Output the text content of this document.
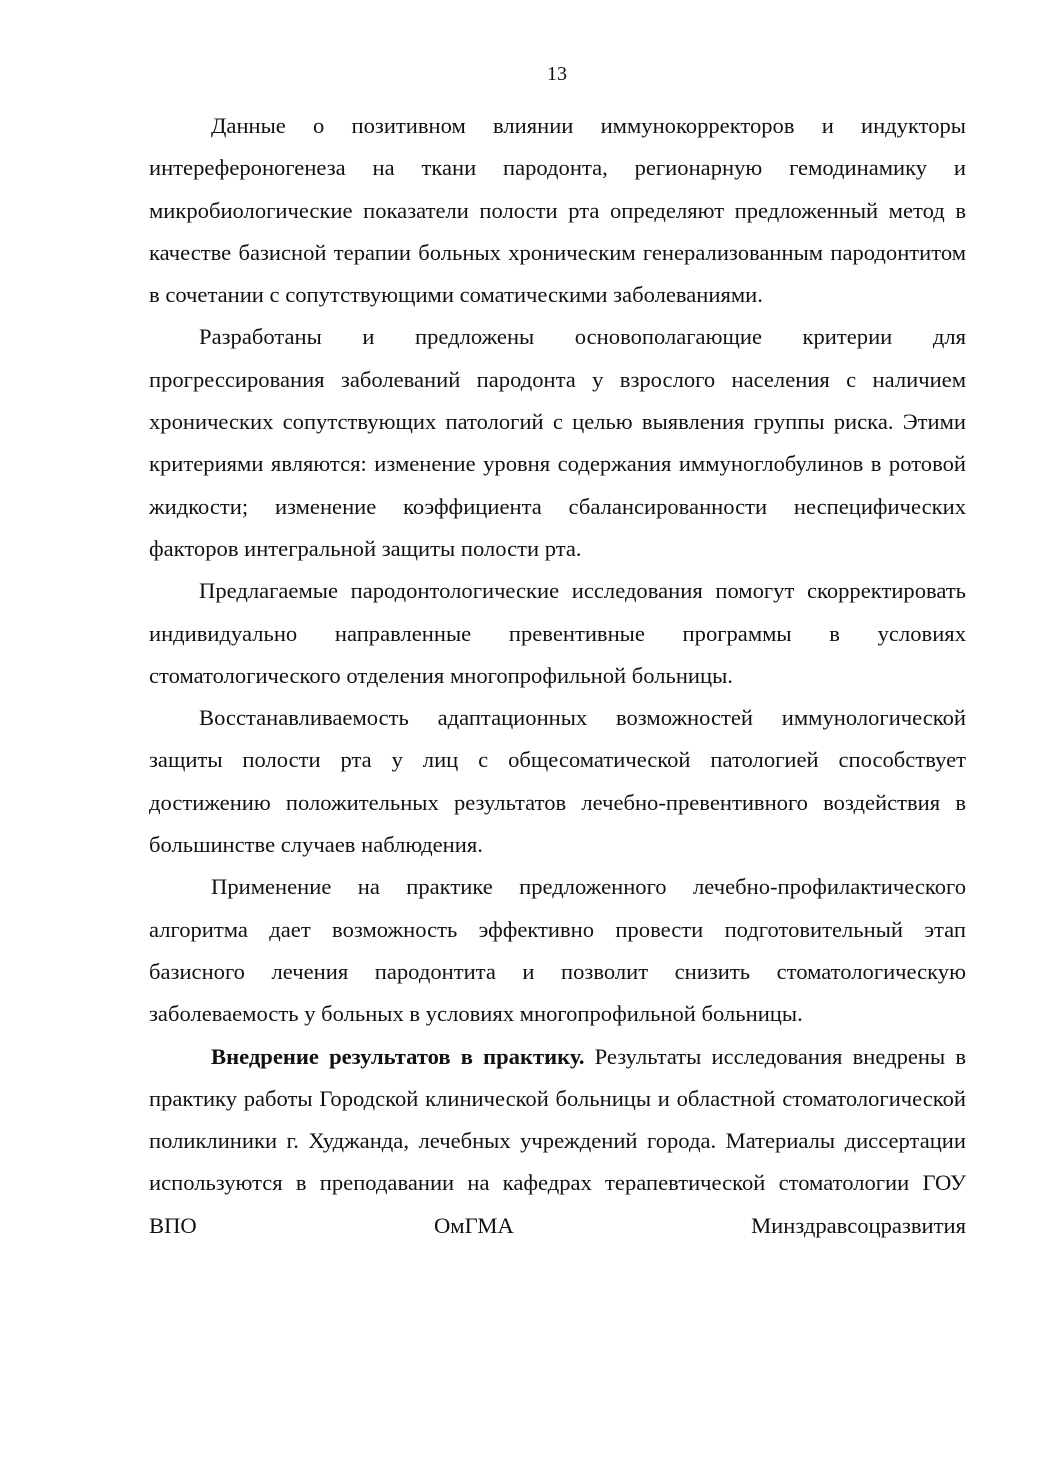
13

Данные о позитивном влиянии иммунокорректоров и индукторы интерефероногенеза на ткани пародонта, регионарную гемодинамику и микробиологические показатели полости рта определяют предложенный метод в качестве базисной терапии больных хроническим генерализованным пародонтитом в сочетании с сопутствующими соматическими заболеваниями.

Разработаны и предложены основополагающие критерии для прогрессирования заболеваний пародонта у взрослого населения с наличием хронических сопутствующих патологий с целью выявления группы риска. Этими критериями являются: изменение уровня содержания иммуноглобулинов в ротовой жидкости; изменение коэффициента сбалансированности неспецифических факторов интегральной защиты полости рта.

Предлагаемые пародонтологические исследования помогут скорректировать индивидуально направленные превентивные программы в условиях стоматологического отделения многопрофильной больницы.

Восстанавливаемость адаптационных возможностей иммунологической защиты полости рта у лиц с общесоматической патологией способствует достижению положительных результатов лечебно-превентивного воздействия в большинстве случаев наблюдения.

Применение на практике предложенного лечебно-профилактического алгоритма дает возможность эффективно провести подготовительный этап базисного лечения пародонтита и позволит снизить стоматологическую заболеваемость у больных в условиях многопрофильной больницы.

Внедрение результатов в практику. Результаты исследования внедрены в практику работы Городской клинической больницы и областной стоматологической поликлиники г. Худжанда, лечебных учреждений города. Материалы диссертации используются в преподавании на кафедрах терапевтической стоматологии ГОУ ВПО ОмГМА Минздравсоцразвития
